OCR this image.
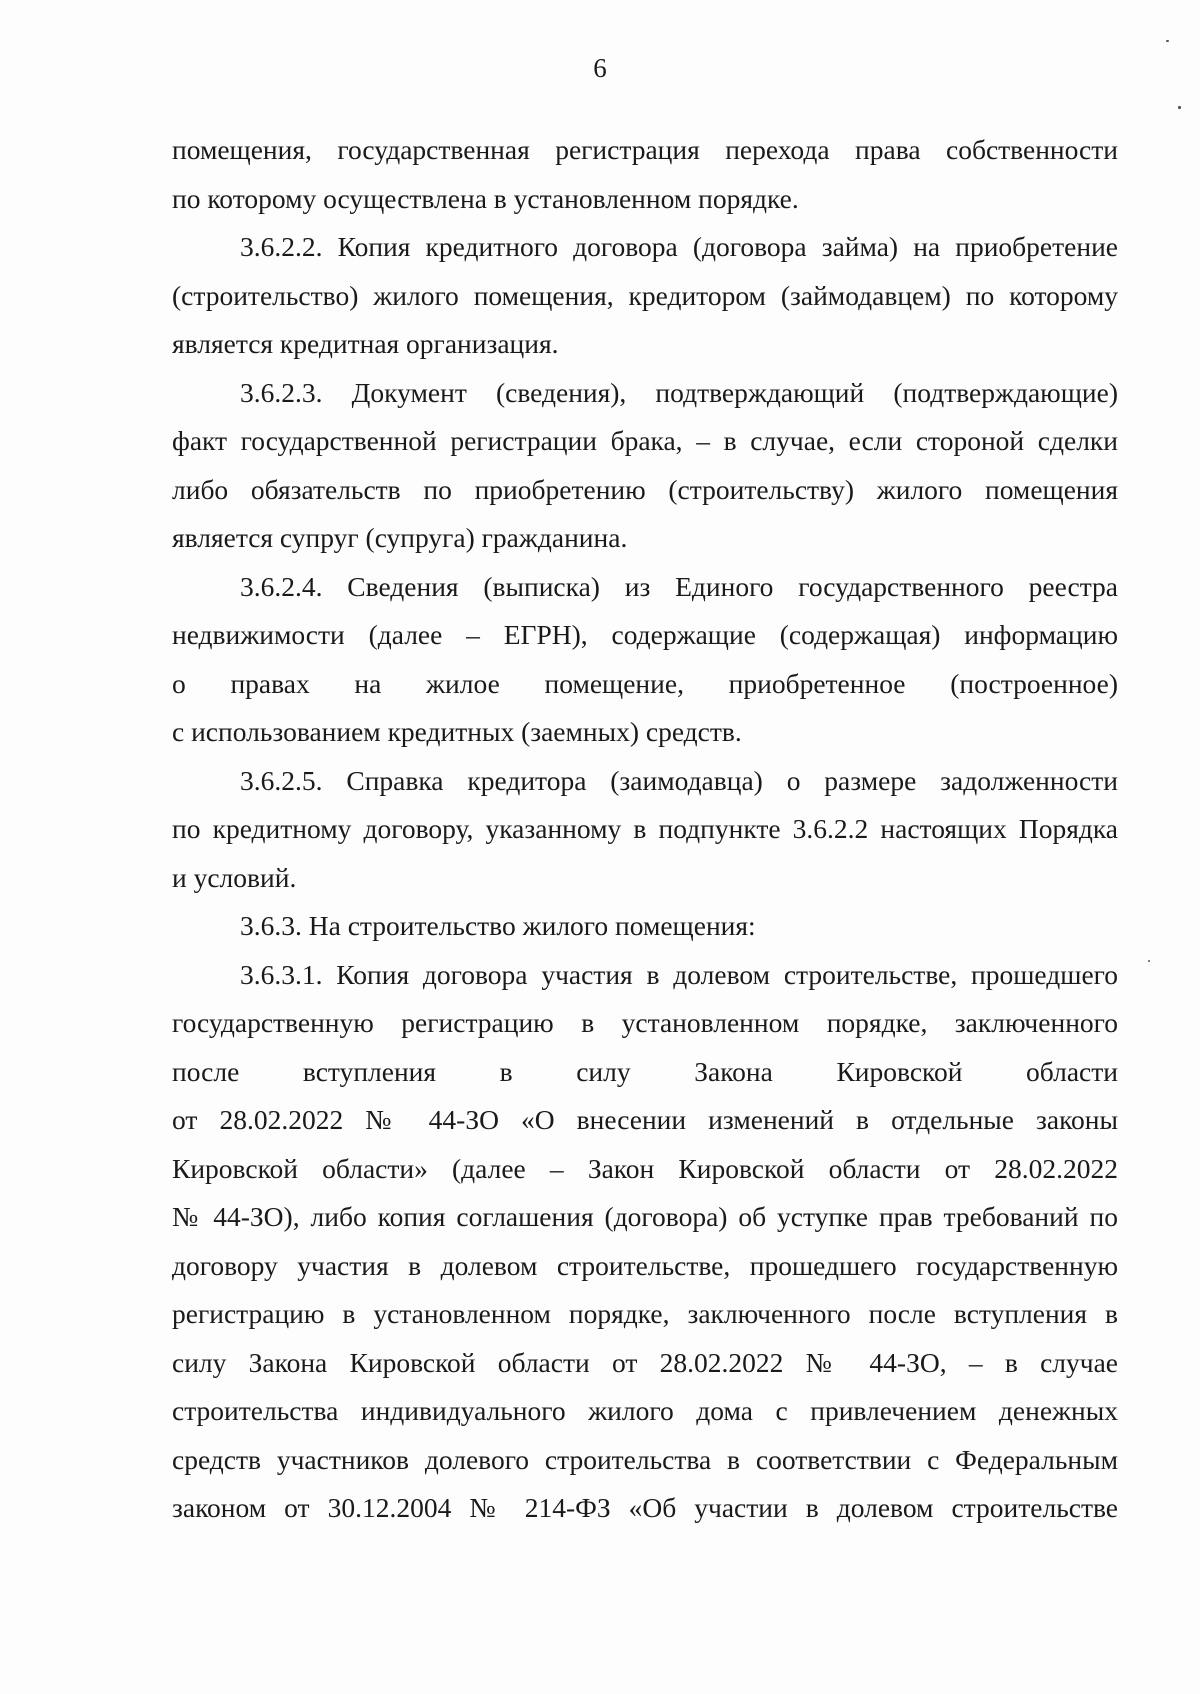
6
помещения, государственная регистрация перехода права собственности
по которому осуществлена в установленном порядке.
3.6.2.2. Копия кредитного договора (договора займа) на приобретение
(строительство) жилого помещения, кредитором (займодавцем) по которому
является кредитная организация.
3.6.2.3. Документ (сведения), подтверждающий (подтверждающие)
факт государственной регистрации брака, – в случае, если стороной сделки
либо обязательств по приобретению (строительству) жилого помещения
является супруг (супруга) гражданина.
3.6.2.4. Сведения (выписка) из Единого государственного реестра
недвижимости (далее – ЕГРН), содержащие (содержащая) информацию
о правах на жилое помещение, приобретенное (построенное)
с использованием кредитных (заемных) средств.
3.6.2.5. Справка кредитора (заимодавца) о размере задолженности
по кредитному договору, указанному в подпункте 3.6.2.2 настоящих Порядка
и условий.
3.6.3. На строительство жилого помещения:
3.6.3.1. Копия договора участия в долевом строительстве, прошедшего
государственную регистрацию в установленном порядке, заключенного
после вступления в силу Закона Кировской области
от 28.02.2022 № 44-ЗО «О внесении изменений в отдельные законы
Кировской области» (далее – Закон Кировской области от 28.02.2022
№ 44-ЗО), либо копия соглашения (договора) об уступке прав требований по
договору участия в долевом строительстве, прошедшего государственную
регистрацию в установленном порядке, заключенного после вступления в
силу Закона Кировской области от 28.02.2022 № 44-ЗО, – в случае
строительства индивидуального жилого дома с привлечением денежных
средств участников долевого строительства в соответствии с Федеральным
законом от 30.12.2004 № 214-ФЗ «Об участии в долевом строительстве
